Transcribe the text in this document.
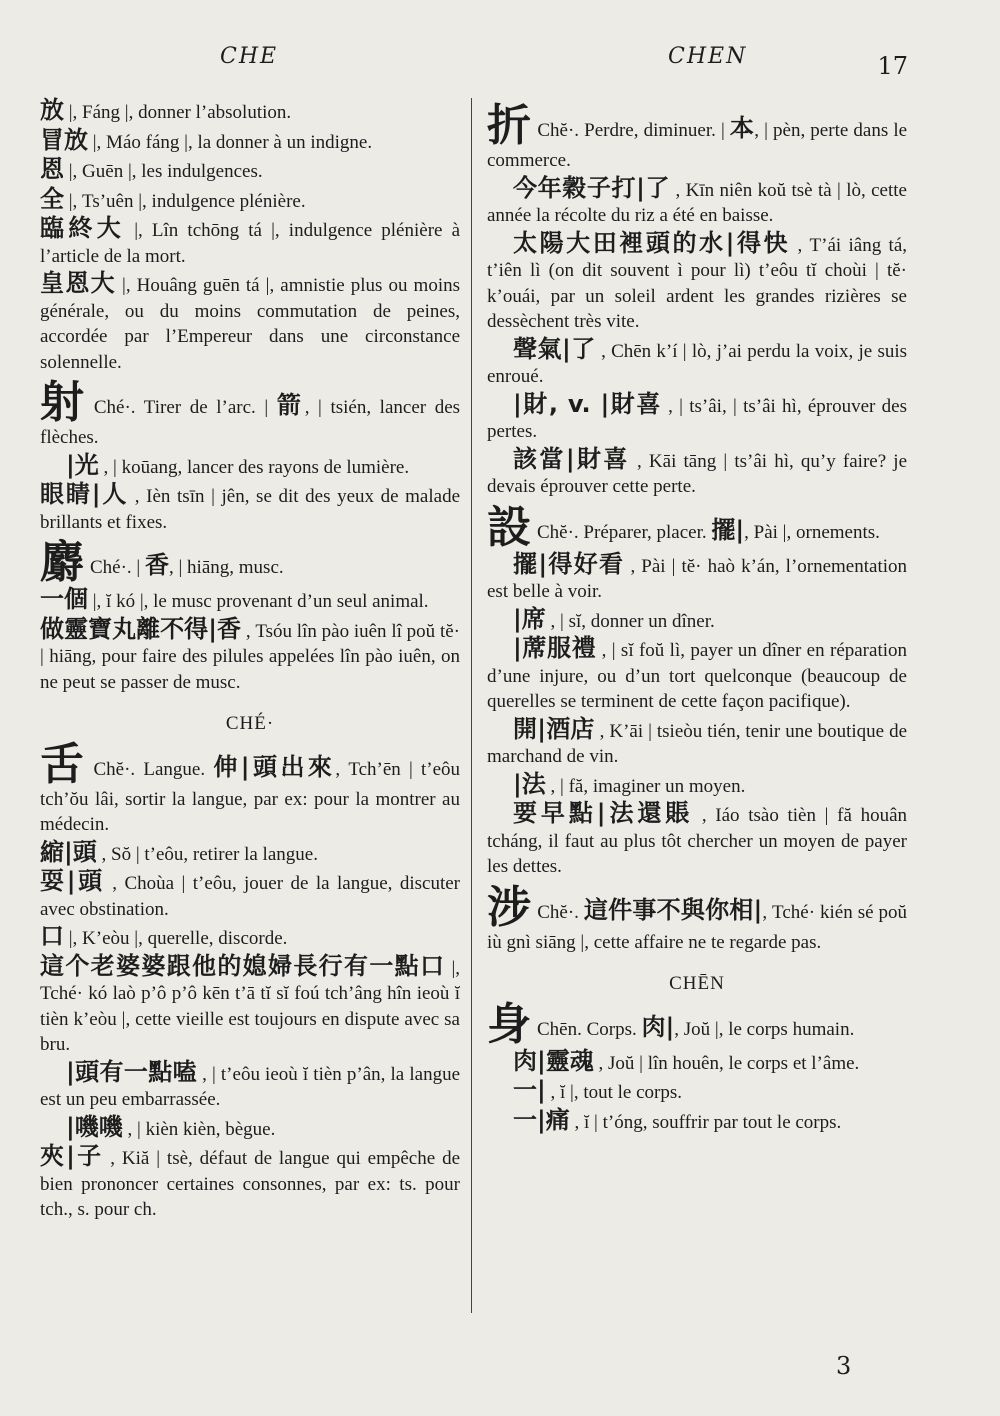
CHE	CHEN	17

放 |, Fáng |, donner l’absolution.

冒放 |, Máo fáng |, la donner à un indigne.

恩 |, Guēn |, les indulgences.

全 |, Ts’uên |, indulgence plénière.

臨終大 |, Lîn tchōng tá |, indulgence plénière à l’article de la mort.

皇恩大 |, Houâng guēn tá |, amnistie plus ou moins générale, ou du moins commutation de peines, accordée par l’Empereur dans une circonstance solennelle.

射 Ché·. Tirer de l’arc. | 箭, | tsién, lancer des flèches.

|光 , | koūang, lancer des rayons de lumière.

眼睛|人 , Ièn tsīn | jên, se dit des yeux de malade brillants et fixes.

麝 Ché·. | 香, | hiāng, musc.

一個 |, ĭ kó |, le musc provenant d’un seul animal.

做靈寶丸離不得|香 , Tsóu lîn pào iuên lî poŭ tĕ· | hiāng, pour faire des pilules appelées lîn pào iuên, on ne peut se passer de musc.

CHÉ·

舌 Chĕ·. Langue. 伸|頭出來, Tch’ēn | t’eôu tch’ŏu lâi, sortir la langue, par ex: pour la montrer au médecin.

縮|頭 , Sŏ | t’eôu, retirer la langue.

耍|頭 , Choùa | t’eôu, jouer de la langue, discuter avec obstination.

口 |, K’eòu |, querelle, discorde.

這个老婆婆跟他的媳婦長行有一點口 |, Tché· kó laò p’ô p’ô kēn t’ā tĭ sĭ foú tch’âng hîn ieoù ĭ tièn k’eòu |, cette vieille est toujours en dispute avec sa bru.

|頭有一點嗑 , | t’eôu ieoù ĭ tièn p’ân, la langue est un peu embarrassée.

|嘰嘰 , | kièn kièn, bègue.

夾|子 , Kiă | tsè, défaut de langue qui empêche de bien prononcer certaines consonnes, par ex: ts. pour tch., s. pour ch.

折 Chĕ·. Perdre, diminuer. | 本, | pèn, perte dans le commerce.

今年穀子打|了 , Kīn niên koŭ tsè tà | lò, cette année la récolte du riz a été en baisse.

太陽大田裡頭的水|得快 , T’ái iâng tá, t’iên lì (on dit souvent ì pour lì) t’eôu tĭ choùi | tĕ· k’ouái, par un soleil ardent les grandes rizières se dessèchent très vite.

聲氣|了 , Chēn k’í | lò, j’ai perdu la voix, je suis enroué.

|財, v. |財喜 , | ts’âi, | ts’âi hì, éprouver des pertes.

該當|財喜 , Kāi tāng | ts’âi hì, qu’y faire? je devais éprouver cette perte.

設 Chĕ·. Préparer, placer. 擺|, Pài |, ornements.

擺|得好看 , Pài | tĕ· haò k’án, l’ornementation est belle à voir.

|席 , | sĭ, donner un dîner.

|蓆服禮 , | sĭ foŭ lì, payer un dîner en réparation d’une injure, ou d’un tort quelconque (beaucoup de querelles se terminent de cette façon pacifique).

開|酒店 , K’āi | tsieòu tién, tenir une boutique de marchand de vin.

|法 , | fă, imaginer un moyen.

要早點|法還賬 , Iáo tsào tièn | fă houân tcháng, il faut au plus tôt chercher un moyen de payer les dettes.

涉 Chĕ·. 這件事不與你相|, Tché· kién sé poŭ iù gnì siāng |, cette affaire ne te regarde pas.

CHĒN

身 Chēn. Corps. 肉|, Joŭ |, le corps humain.

肉|靈魂 , Joŭ | lîn houên, le corps et l’âme.

一| , ĭ |, tout le corps.

一|痛 , ĭ | t’óng, souffrir par tout le corps.

3
